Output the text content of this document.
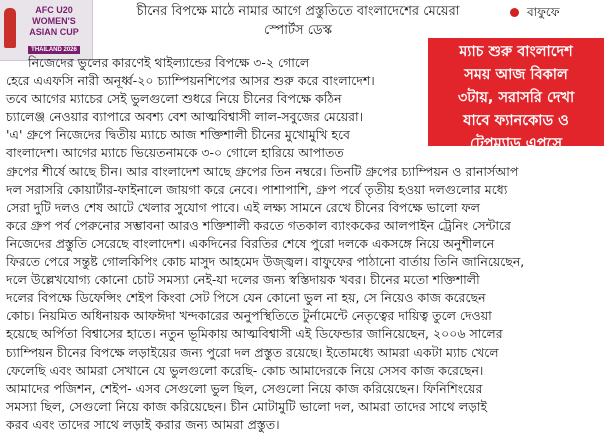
AFC U20
WOMEN'S
ASIAN CUP
THAILAND 2026
চীনের বিপক্ষে মাঠে নামার আগে প্রস্তুতিতে বাংলাদেশের মেয়েরা
স্পোর্টস ডেস্ক
বাফুফে
ম্যাচ শুরু বাংলাদেশ
সময় আজ বিকাল
৩টায়, সরাসরি দেখা
যাবে ফ্যানকোড ও
টেপম্যাড এপসে
নিজেদের ভুলের কারণেই থাইল্যান্ডের বিপক্ষে ৩-২ গোলে
হেরে এএফসি নারী অনূর্ধ্ব-২০ চ্যাম্পিয়নশিপের আসর শুরু করে বাংলাদেশ।
তবে আগের ম্যাচের সেই ভুলগুলো শুধরে নিয়ে চীনের বিপক্ষে কঠিন
চ্যালেঞ্জ নেওয়ার ব্যাপারে অবশ্য বেশ আত্মবিশ্বাসী লাল-সবুজের মেয়েরা।
'এ' গ্রুপে নিজেদের দ্বিতীয় ম্যাচে আজ শক্তিশালী চীনের মুখোমুখি হবে
বাংলাদেশ। আগের ম্যাচে ভিয়েতনামকে ৩-০ গোলে হারিয়ে আপাতত
গ্রুপের শীর্ষে আছে চীন। আর বাংলাদেশ আছে গ্রুপের তিন নম্বরে। তিনটি গ্রুপের চ্যাম্পিয়ন ও রানার্সআপ
দল সরাসরি কোয়ার্টার-ফাইনালে জায়গা করে নেবে। পাশাপাশি, গ্রুপ পর্বে তৃতীয় হওয়া দলগুলোর মধ্যে
সেরা দুটি দলও শেষ আটে খেলার সুযোগ পাবে। এই লক্ষ্য সামনে রেখে চীনের বিপক্ষে ভালো ফল
করে গ্রুপ পর্ব পেরুনোর সম্ভাবনা আরও শক্তিশালী করতে গতকাল ব্যাংককের আলপাইন ট্রেনিং সেন্টারে
নিজেদের প্রস্তুতি সেরেছে বাংলাদেশ। একদিনের বিরতির শেষে পুরো দলকে একসঙ্গে নিয়ে অনুশীলনে
ফিরতে পেরে সন্তুষ্ট গোলকিপিং কোচ মাসুদ আহমেদ উজ্জ্বল। বাফুফের পাঠানো বার্তায় তিনি জানিয়েছেন,
দলে উল্লেখযোগ্য কোনো চোট সমস্যা নেই-যা দলের জন্য স্বস্তিদায়ক খবর। চীনের মতো শক্তিশালী
দলের বিপক্ষে ডিফেন্সিং শেইপ কিংবা সেট পিসে যেন কোনো ভুল না হয়, সে নিয়েও কাজ করেছেন
কোচ। নিয়মিত অধিনায়ক আফঈদা খন্দকারের অনুপস্থিতিতে টুর্নামেন্টে নেতৃত্বের দায়িত্ব তুলে দেওয়া
হয়েছে অর্পিতা বিশ্বাসের হাতে। নতুন ভূমিকায় আত্মবিশ্বাসী এই ডিফেন্ডার জানিয়েছেন, ২০০৬ সালের
চ্যাম্পিয়ন চীনের বিপক্ষে লড়াইয়ের জন্য পুরো দল প্রস্তুত রয়েছে। ইতোমধ্যে আমরা একটা ম্যাচ খেলে
ফেলেছি এবং আমরা সেখানে যে ভুলগুলো করেছি- কোচ আমাদেরকে নিয়ে সেসব কাজ করেছেন।
আমাদের পজিশন, শেইপ- এসব সেগুলো ভুল ছিল, সেগুলো নিয়ে কাজ করিয়েছেন। ফিনিশিংয়ের
সমস্যা ছিল, সেগুলো নিয়ে কাজ করিয়েছেন। চীন মোটামুটি ভালো দল, আমরা তাদের সাথে লড়াই
করব এবং তাদের সাথে লড়াই করার জন্য আমরা প্রস্তুত।
